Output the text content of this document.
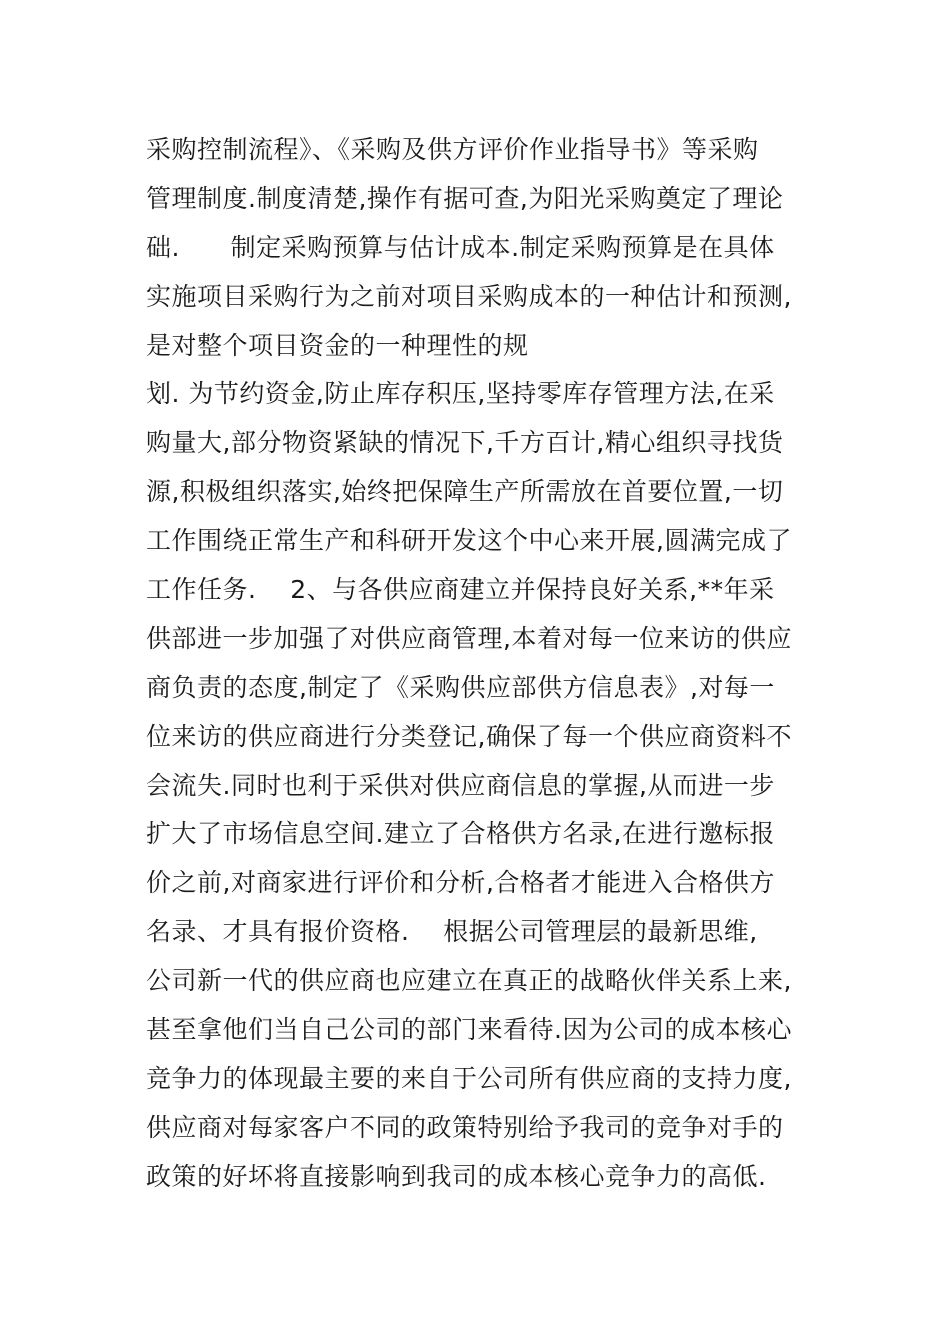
采购控制流程》、《采购及供方评价作业指导书》等采购
管理制度.制度清楚,操作有据可查,为阳光采购奠定了理论
础.      制定采购预算与估计成本.制定采购预算是在具体
实施项目采购行为之前对项目采购成本的一种估计和预测,
是对整个项目资金的一种理性的规
划. 为节约资金,防止库存积压,坚持零库存管理方法,在采
购量大,部分物资紧缺的情况下,千方百计,精心组织寻找货
源,积极组织落实,始终把保障生产所需放在首要位置,一切
工作围绕正常生产和科研开发这个中心来开展,圆满完成了
工作任务.    2、与各供应商建立并保持良好关系,**年采
供部进一步加强了对供应商管理,本着对每一位来访的供应
商负责的态度,制定了《采购供应部供方信息表》,对每一
位来访的供应商进行分类登记,确保了每一个供应商资料不
会流失.同时也利于采供对供应商信息的掌握,从而进一步
扩大了市场信息空间.建立了合格供方名录,在进行邀标报
价之前,对商家进行评价和分析,合格者才能进入合格供方
名录、才具有报价资格.    根据公司管理层的最新思维,
公司新一代的供应商也应建立在真正的战略伙伴关系上来,
甚至拿他们当自己公司的部门来看待.因为公司的成本核心
竞争力的体现最主要的来自于公司所有供应商的支持力度,
供应商对每家客户不同的政策特别给予我司的竞争对手的
政策的好坏将直接影响到我司的成本核心竞争力的高低.
